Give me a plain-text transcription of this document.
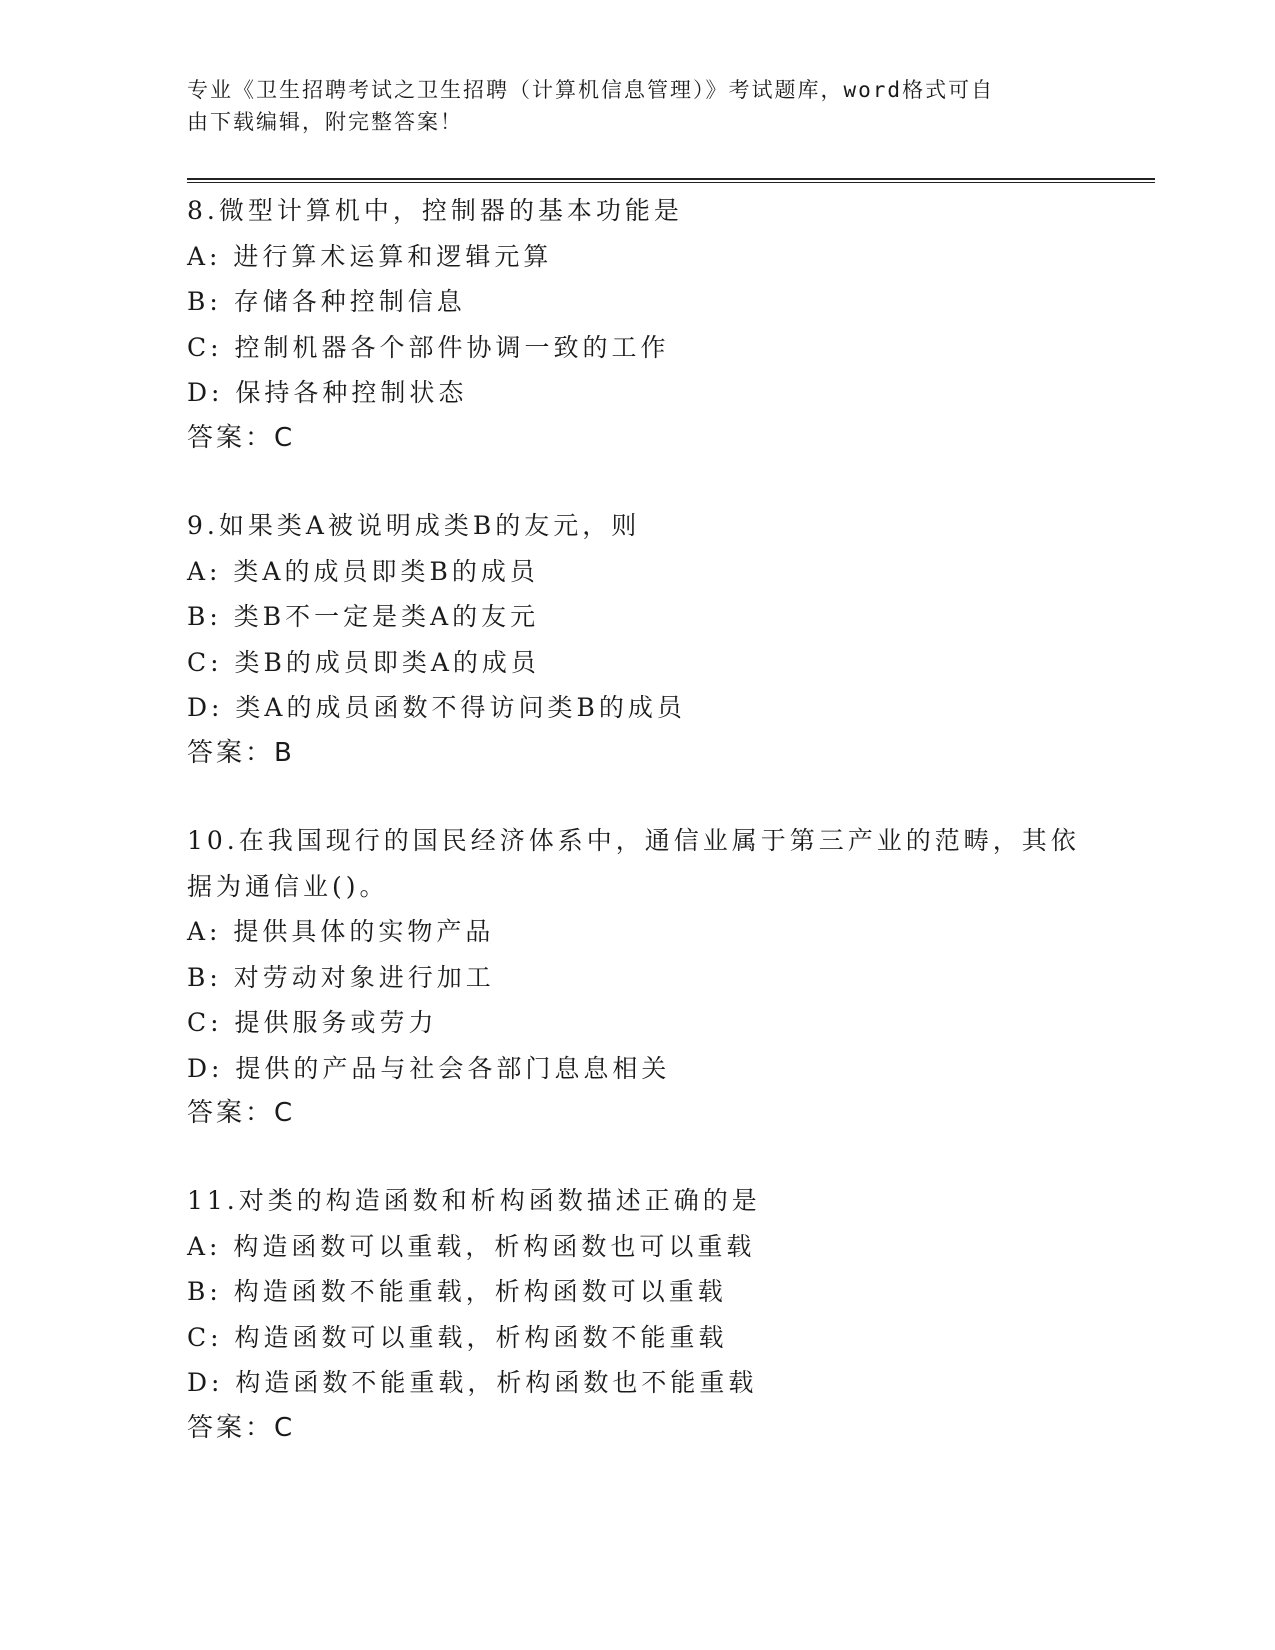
专业《卫生招聘考试之卫生招聘（计算机信息管理）》考试题库，word格式可自
由下载编辑，附完整答案！
8.微型计算机中，控制器的基本功能是
A: 进行算术运算和逻辑元算
B: 存储各种控制信息
C: 控制机器各个部件协调一致的工作
D: 保持各种控制状态
答案：C
9.如果类A被说明成类B的友元，则
A: 类A的成员即类B的成员
B: 类B不一定是类A的友元
C: 类B的成员即类A的成员
D: 类A的成员函数不得访问类B的成员
答案：B
10.在我国现行的国民经济体系中，通信业属于第三产业的范畴，其依
据为通信业()。
A: 提供具体的实物产品
B: 对劳动对象进行加工
C: 提供服务或劳力
D: 提供的产品与社会各部门息息相关
答案：C
11.对类的构造函数和析构函数描述正确的是
A: 构造函数可以重载，析构函数也可以重载
B: 构造函数不能重载，析构函数可以重载
C: 构造函数可以重载，析构函数不能重载
D: 构造函数不能重载，析构函数也不能重载
答案：C
